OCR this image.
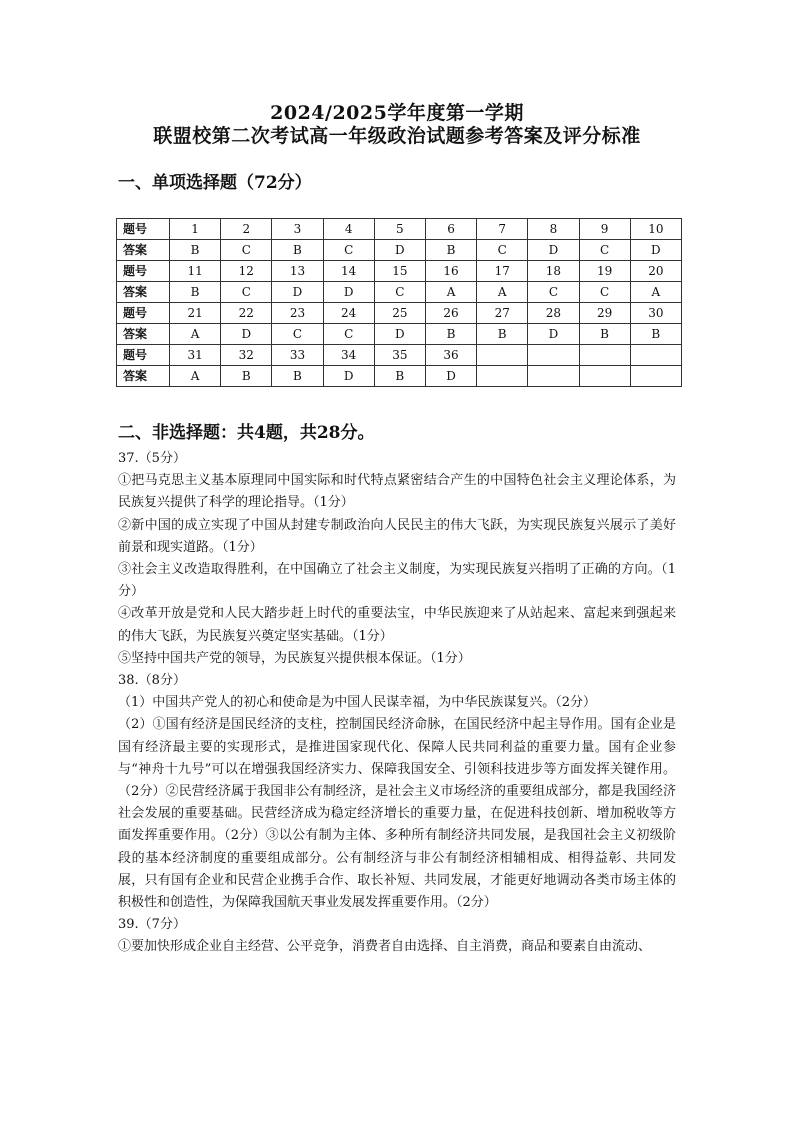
2024/2025学年度第一学期
联盟校第二次考试高一年级政治试题参考答案及评分标准
一、单项选择题（72分）
题号	1	2	3	4	5	6	7	8	9	10
答案	B	C	B	C	D	B	C	D	C	D
题号	11	12	13	14	15	16	17	18	19	20
答案	B	C	D	D	C	A	A	C	C	A
题号	21	22	23	24	25	26	27	28	29	30
答案	A	D	C	C	D	B	B	D	B	B
题号	31	32	33	34	35	36				
答案	A	B	B	D	B	D				
二、非选择题：共4题，共28分。

37.（5分）

①把马克思主义基本原理同中国实际和时代特点紧密结合产生的中国特色社会主义理论体系，为民族复兴提供了科学的理论指导。（1分）

②新中国的成立实现了中国从封建专制政治向人民民主的伟大飞跃，为实现民族复兴展示了美好前景和现实道路。（1分）

③社会主义改造取得胜利，在中国确立了社会主义制度，为实现民族复兴指明了正确的方向。（1分）

④改革开放是党和人民大踏步赶上时代的重要法宝，中华民族迎来了从站起来、富起来到强起来的伟大飞跃，为民族复兴奠定坚实基础。（1分）

⑤坚持中国共产党的领导，为民族复兴提供根本保证。（1分）

38.（8分）

（1）中国共产党人的初心和使命是为中国人民谋幸福，为中华民族谋复兴。（2分）

（2）①国有经济是国民经济的支柱，控制国民经济命脉，在国民经济中起主导作用。国有企业是国有经济最主要的实现形式，是推进国家现代化、保障人民共同利益的重要力量。国有企业参与“神舟十九号”可以在增强我国经济实力、保障我国安全、引领科技进步等方面发挥关键作用。（2分）②民营经济属于我国非公有制经济，是社会主义市场经济的重要组成部分，都是我国经济社会发展的重要基础。民营经济成为稳定经济增长的重要力量，在促进科技创新、增加税收等方面发挥重要作用。（2分）③以公有制为主体、多种所有制经济共同发展，是我国社会主义初级阶段的基本经济制度的重要组成部分。公有制经济与非公有制经济相辅相成、相得益彰、共同发展，只有国有企业和民营企业携手合作、取长补短、共同发展，才能更好地调动各类市场主体的积极性和创造性，为保障我国航天事业发展发挥重要作用。（2分）

39.（7分）

①要加快形成企业自主经营、公平竞争，消费者自由选择、自主消费，商品和要素自由流动、
